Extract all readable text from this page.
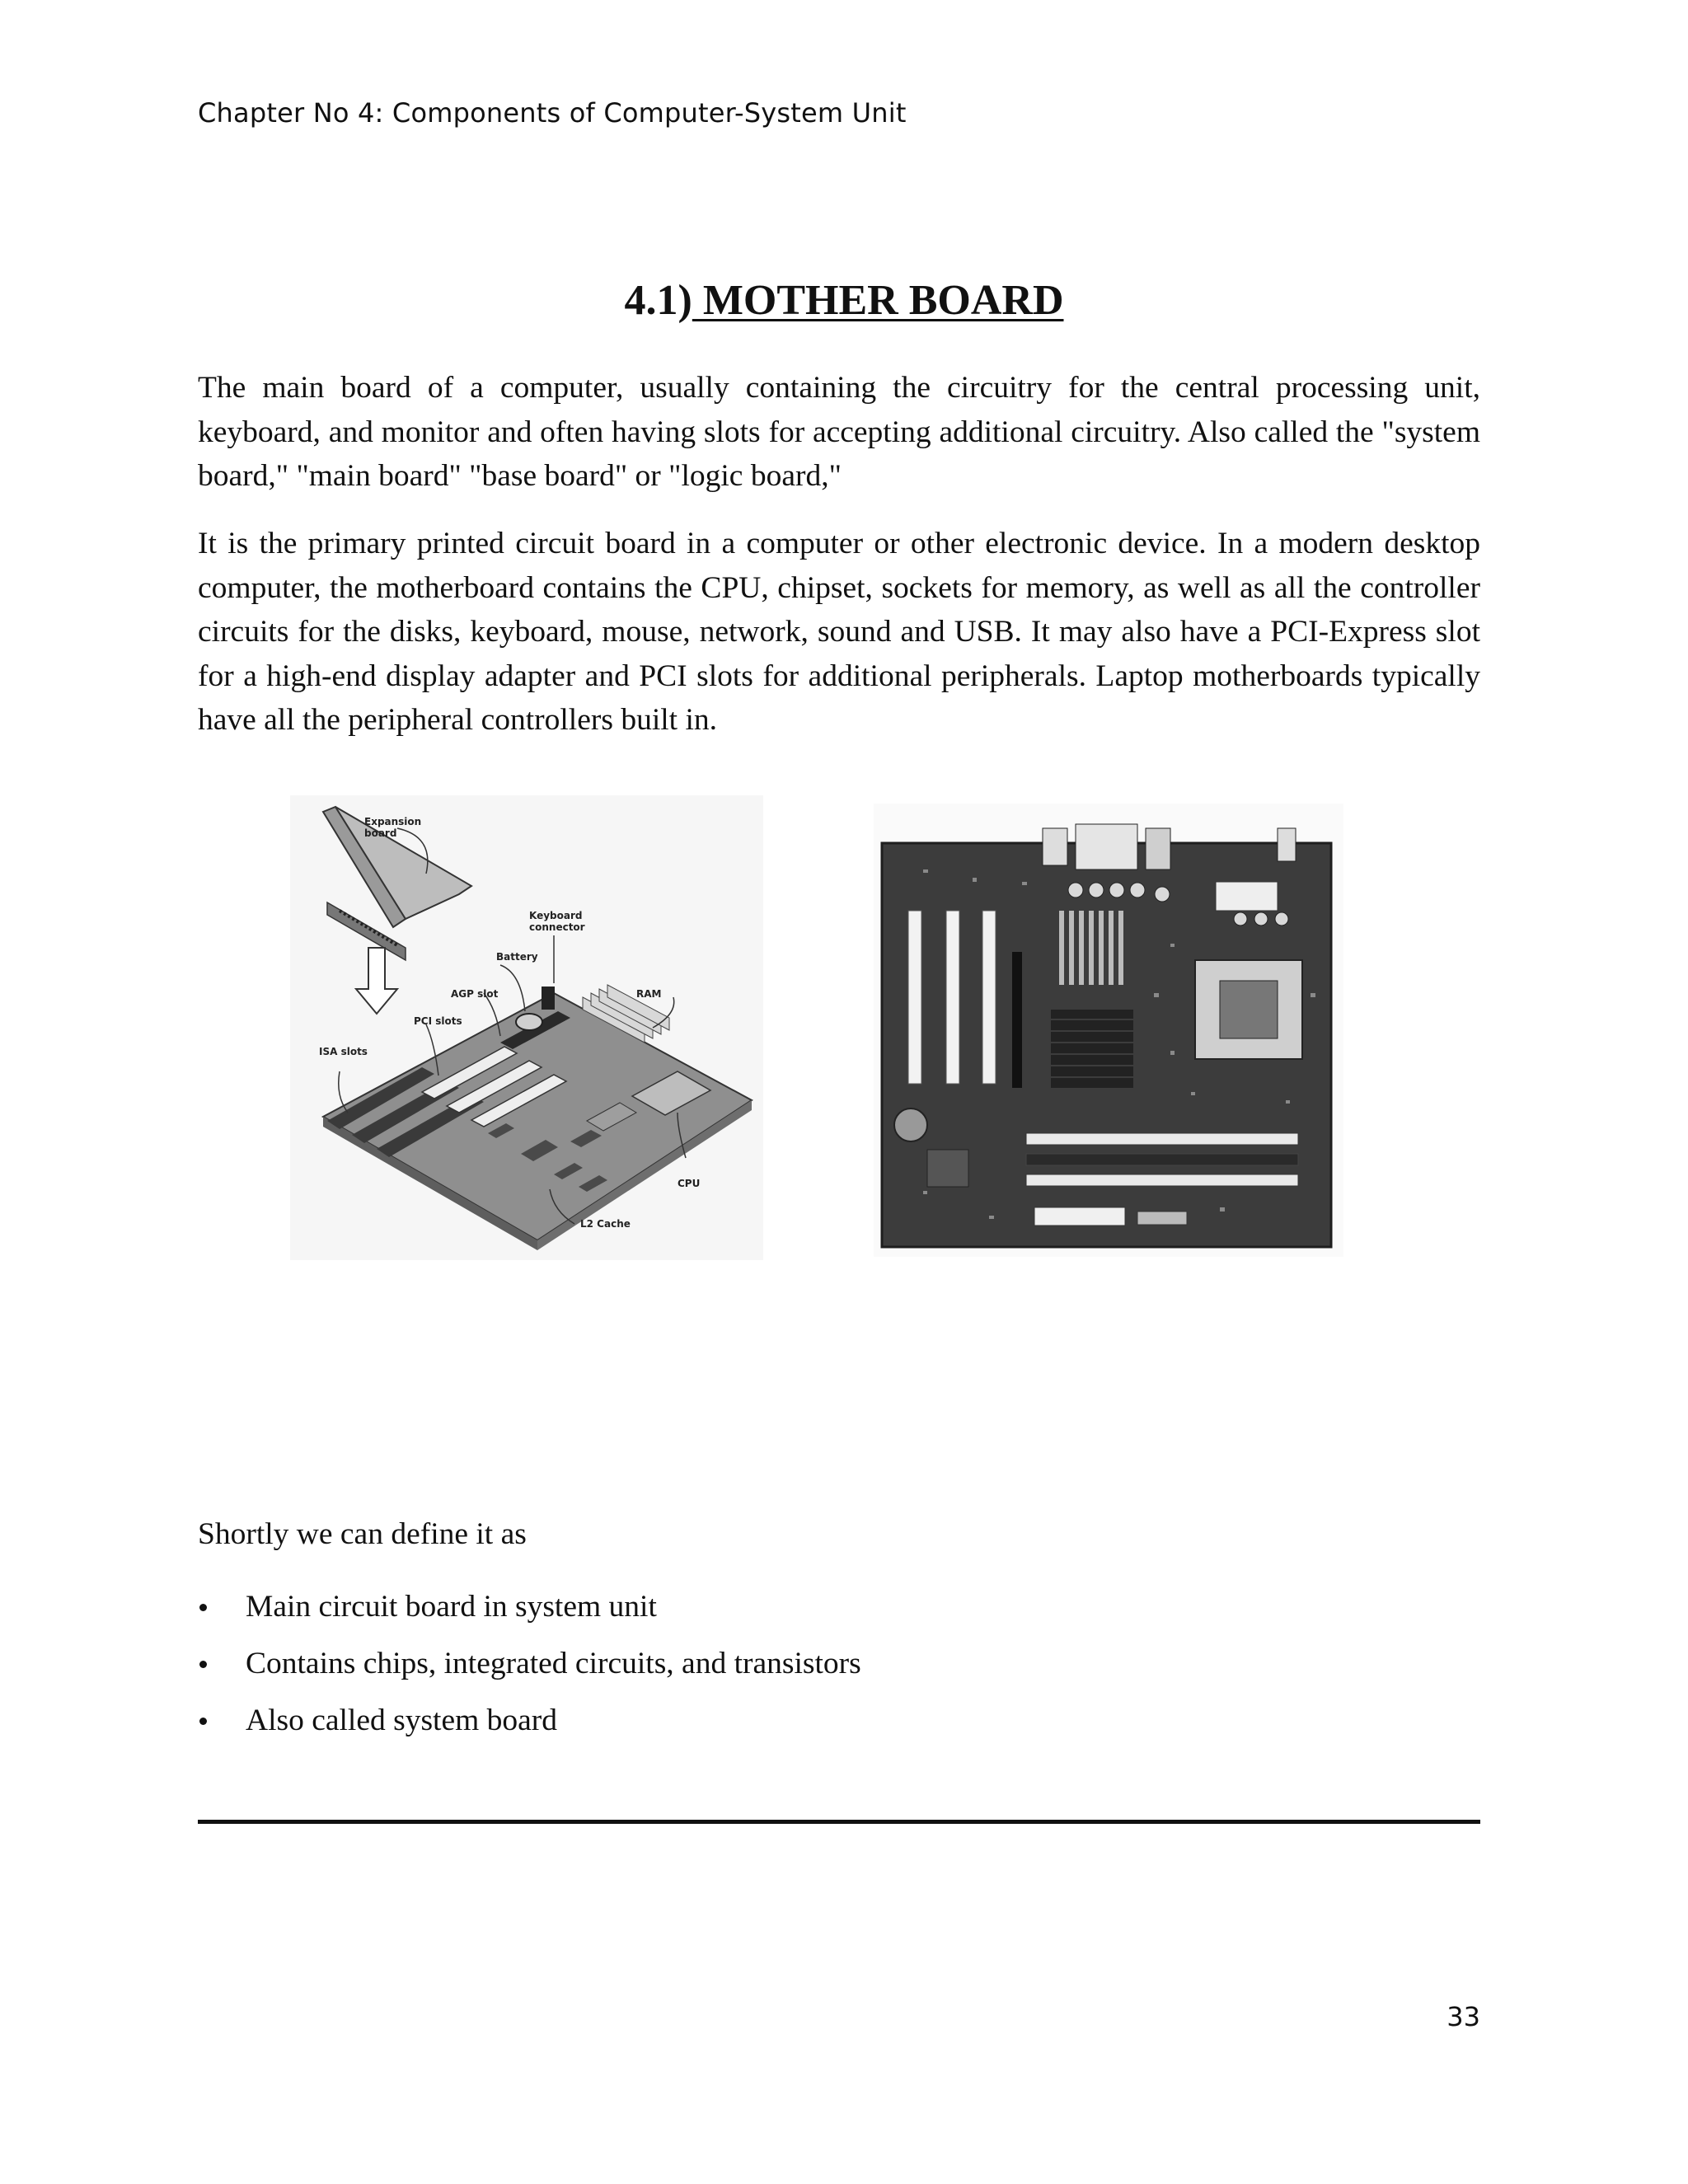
Chapter No 4: Components of Computer-System Unit
4.1) MOTHER BOARD

The main board of a computer, usually containing the circuitry for the central processing unit, keyboard, and monitor and often having slots for accepting additional circuitry. Also called the "system board," "main board" "base board" or "logic board,"

It is the primary printed circuit board in a computer or other electronic device. In a modern desktop computer, the motherboard contains the CPU, chipset, sockets for memory, as well as all the controller circuits for the disks, keyboard, mouse, network, sound and USB. It may also have a PCI-Express slot for a high-end display adapter and PCI slots for additional peripherals. Laptop motherboards typically have all the peripheral controllers built in.

Expansion
board
Keyboard
connector
Battery
AGP slot	RAM
PCI slots
ISA slots
CPU
L2 Cache
Shortly we can define it as
Main circuit board in system unit
Contains chips, integrated circuits, and transistors
Also called system board
33
